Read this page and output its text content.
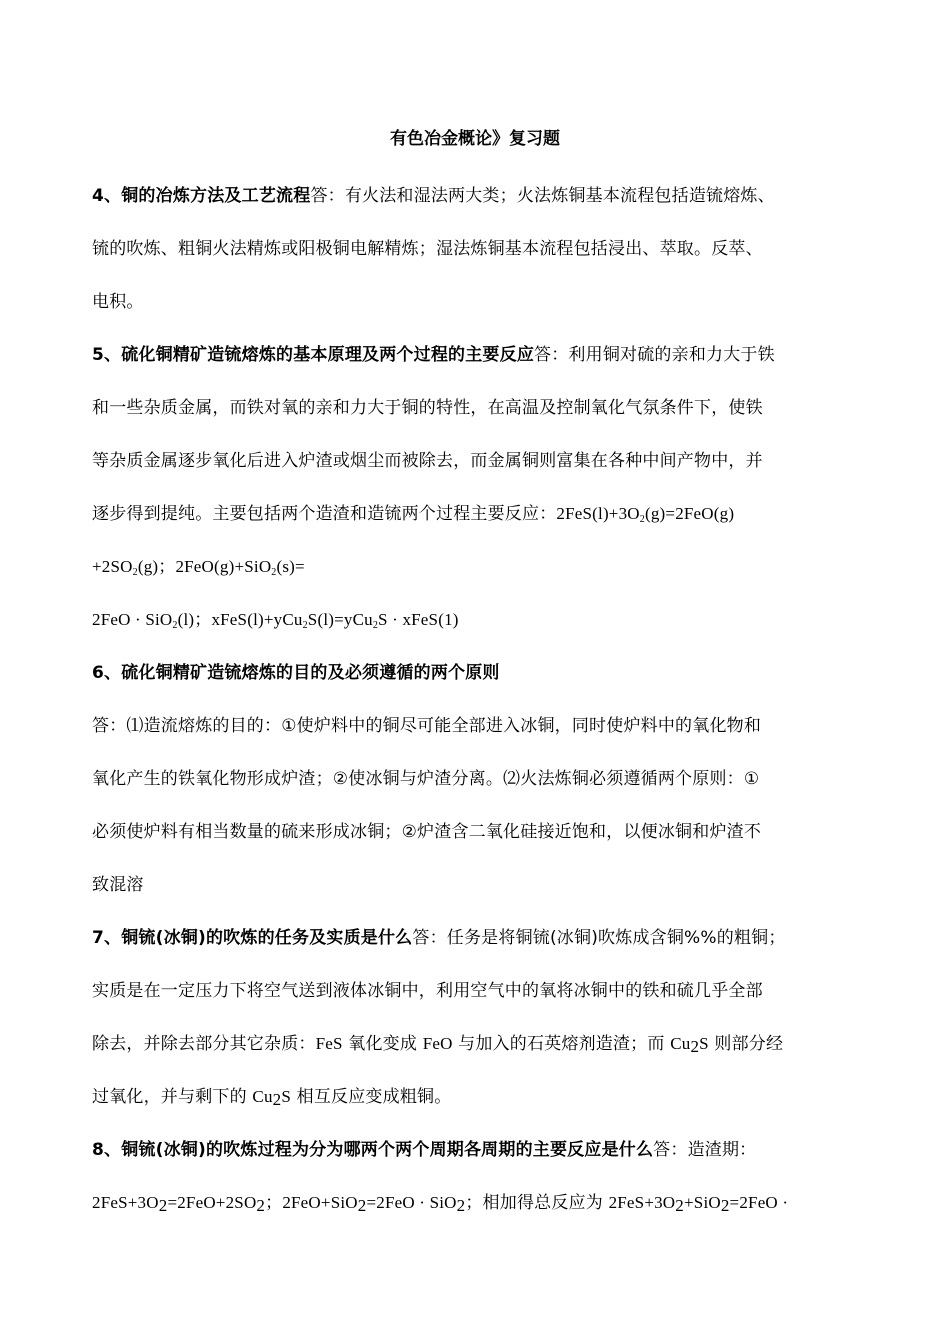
有色冶金概论》复习题
4、铜的冶炼方法及工艺流程答：有火法和湿法两大类；火法炼铜基本流程包括造锍熔炼、
锍的吹炼、粗铜火法精炼或阳极铜电解精炼；湿法炼铜基本流程包括浸出、萃取。反萃、
电积。
5、硫化铜精矿造锍熔炼的基本原理及两个过程的主要反应答：利用铜对硫的亲和力大于铁
和一些杂质金属，而铁对氧的亲和力大于铜的特性，在高温及控制氧化气氛条件下，使铁
等杂质金属逐步氧化后进入炉渣或烟尘而被除去，而金属铜则富集在各种中间产物中，并
逐步得到提纯。主要包括两个造渣和造锍两个过程主要反应：$2FeS(l)+3O_2(g)=2FeO(g)$
$+2SO_2(g)$；2FeO(g)+SiO$_2$(s)=
2FeO · SiO$_2$(l)；xFeS(l)+yCu$_2$S(l)=yCu$_2$S · xFeS(1)
6、硫化铜精矿造锍熔炼的目的及必须遵循的两个原则
答：⑴造流熔炼的目的：①使炉料中的铜尽可能全部进入冰铜，同时使炉料中的氧化物和
氧化产生的铁氧化物形成炉渣；②使冰铜与炉渣分离。⑵火法炼铜必须遵循两个原则：①
必须使炉料有相当数量的硫来形成冰铜；②炉渣含二氧化硅接近饱和，以便冰铜和炉渣不
致混溶
7、铜锍(冰铜)的吹炼的任务及实质是什么答：任务是将铜锍(冰铜)吹炼成含铜%%的粗铜；
实质是在一定压力下将空气送到液体冰铜中，利用空气中的氧将冰铜中的铁和硫几乎全部
除去，并除去部分其它杂质：FeS 氧化变成 FeO 与加入的石英熔剂造渣；而 $Cu_2S$ 则部分经
过氧化，并与剩下的 $Cu_2S$ 相互反应变成粗铜。
8、铜锍(冰铜)的吹炼过程为分为哪两个两个周期各周期的主要反应是什么答：造渣期：
$2FeS+3O_2=2FeO+2SO_2$；2FeO+SiO$_2$=2FeO · SiO$_2$；相加得总反应为 $2FeS+3O_2+SiO_2=2FeO$ ·
